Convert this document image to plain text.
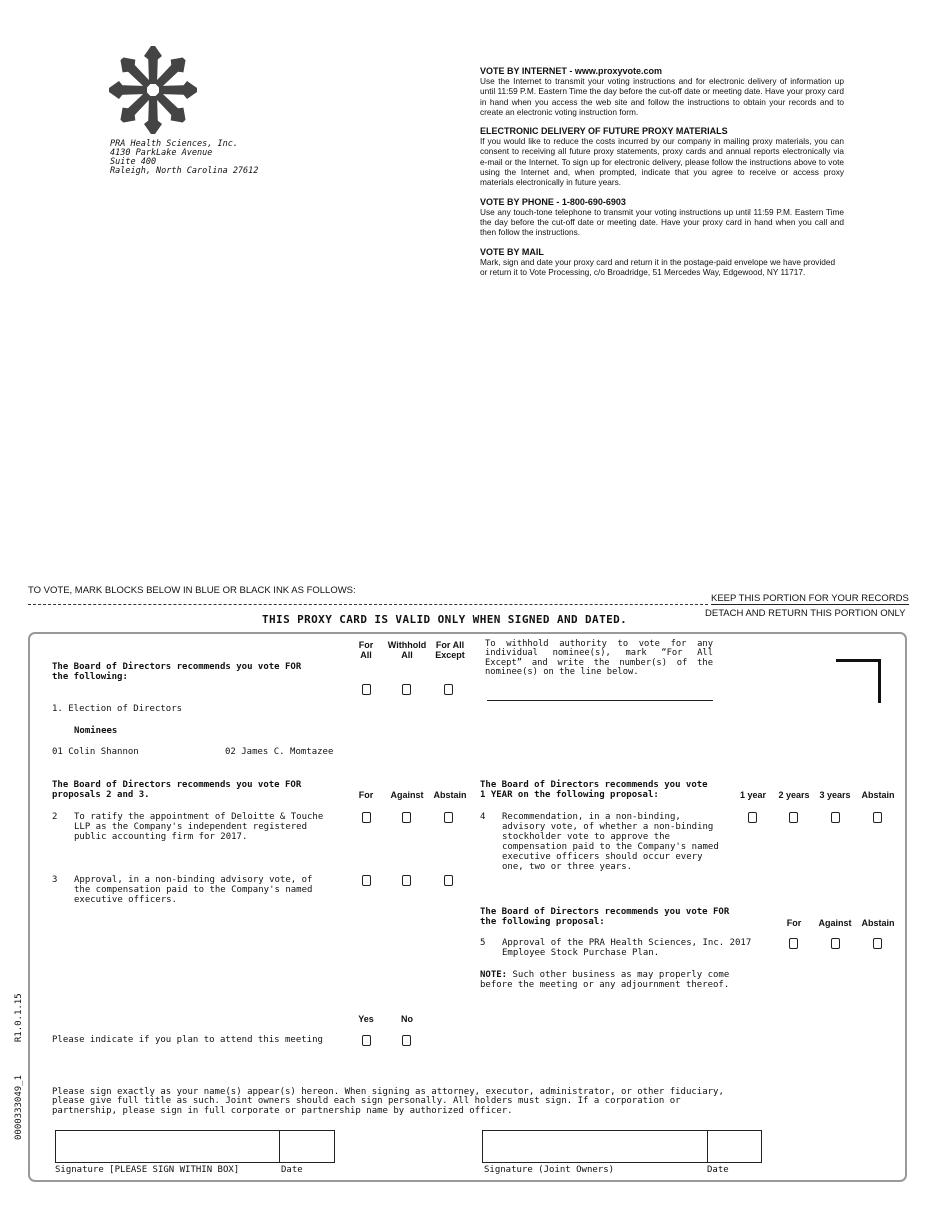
PRA Health Sciences, Inc.
4130 ParkLake Avenue
Suite 400
Raleigh, North Carolina 27612
VOTE BY INTERNET - www.proxyvote.com
Use the Internet to transmit your voting instructions and for electronic delivery of information up until 11:59 P.M. Eastern Time the day before the cut-off date or meeting date. Have your proxy card in hand when you access the web site and follow the instructions to obtain your records and to create an electronic voting instruction form.
ELECTRONIC DELIVERY OF FUTURE PROXY MATERIALS
If you would like to reduce the costs incurred by our company in mailing proxy materials, you can consent to receiving all future proxy statements, proxy cards and annual reports electronically via e-mail or the Internet. To sign up for electronic delivery, please follow the instructions above to vote using the Internet and, when prompted, indicate that you agree to receive or access proxy materials electronically in future years.
VOTE BY PHONE - 1-800-690-6903
Use any touch-tone telephone to transmit your voting instructions up until 11:59 P.M. Eastern Time the day before the cut-off date or meeting date. Have your proxy card in hand when you call and then follow the instructions.
VOTE BY MAIL
Mark, sign and date your proxy card and return it in the postage-paid envelope we have provided or return it to Vote Processing, c/o Broadridge, 51 Mercedes Way, Edgewood, NY 11717.
TO VOTE, MARK BLOCKS BELOW IN BLUE OR BLACK INK AS FOLLOWS:
KEEP THIS PORTION FOR YOUR RECORDS
THIS PROXY CARD IS VALID ONLY WHEN SIGNED AND DATED.	DETACH AND RETURN THIS PORTION ONLY
The Board of Directors recommends you vote FOR the following:
For All
Withhold All
For All Except
To withhold authority to vote for any individual nominee(s), mark “For All Except” and write the number(s) of the nominee(s) on the line below.
1. Election of Directors
Nominees
01 Colin Shannon	02 James C. Momtazee
The Board of Directors recommends you vote FOR proposals 2 and 3.	For	Against	Abstain
2 To ratify the appointment of Deloitte & Touche LLP as the Company's independent registered public accounting firm for 2017.
3 Approval, in a non-binding advisory vote, of the compensation paid to the Company's named executive officers.
The Board of Directors recommends you vote 1 YEAR on the following proposal:	1 year	2 years 3 years Abstain
4 Recommendation, in a non-binding, advisory vote, of whether a non-binding stockholder vote to approve the compensation paid to the Company's named executive officers should occur every one, two or three years.
The Board of Directors recommends you vote FOR the following proposal:	For	Against	Abstain
5 Approval of the PRA Health Sciences, Inc. 2017 Employee Stock Purchase Plan.
NOTE: Such other business as may properly come before the meeting or any adjournment thereof.
Yes	No
Please indicate if you plan to attend this meeting
Please sign exactly as your name(s) appear(s) hereon. When signing as attorney, executor, administrator, or other fiduciary, please give full title as such. Joint owners should each sign personally. All holders must sign. If a corporation or partnership, please sign in full corporate or partnership name by authorized officer.
Signature [PLEASE SIGN WITHIN BOX]	Date	Signature (Joint Owners)	Date
0000333049_1  R1.0.1.15
